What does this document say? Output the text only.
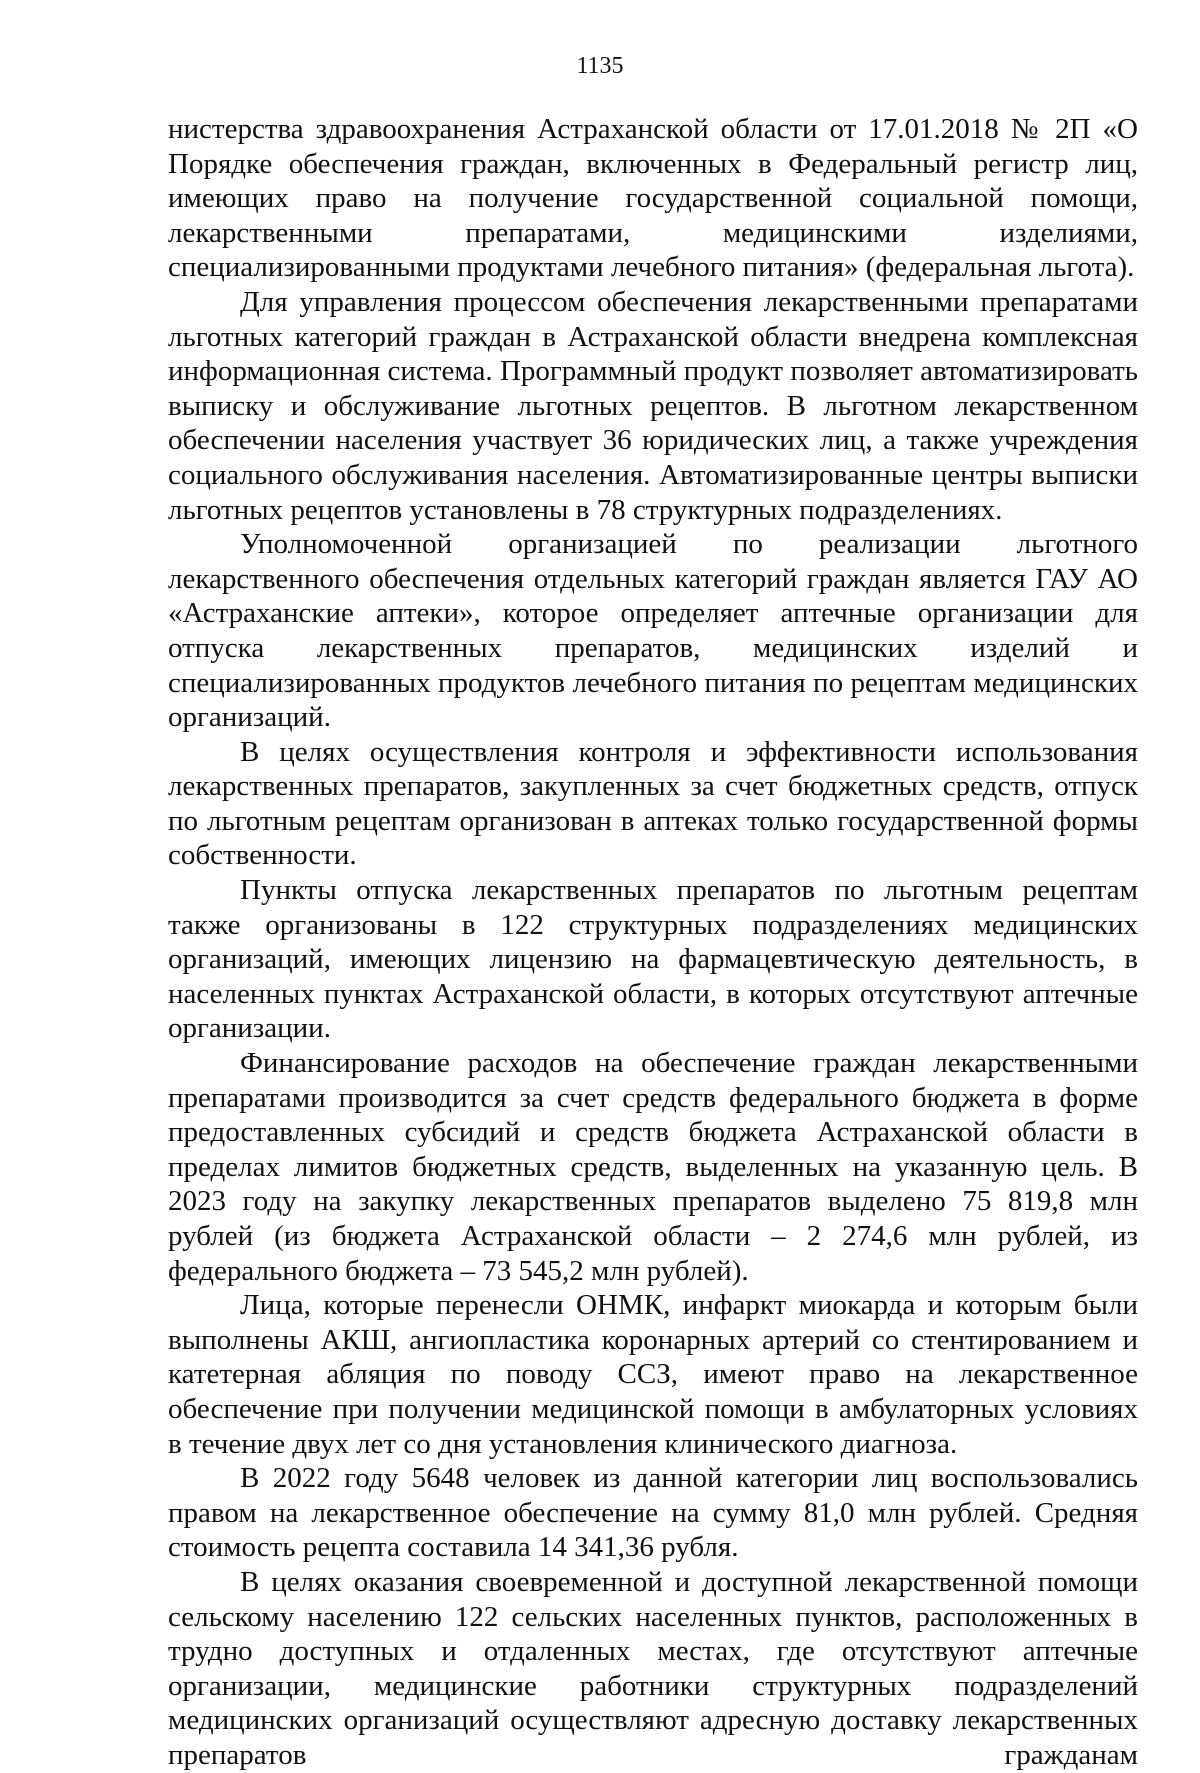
1135

нистерства здравоохранения Астраханской области от 17.01.2018 № 2П «О Порядке обеспечения граждан, включенных в Федеральный регистр лиц, имеющих право на получение государственной социальной помощи, лекарственными препаратами, медицинскими изделиями, специализированными продуктами лечебного питания» (федеральная льгота).

Для управления процессом обеспечения лекарственными препаратами льготных категорий граждан в Астраханской области внедрена комплексная информационная система. Программный продукт позволяет автоматизировать выписку и обслуживание льготных рецептов. В льготном лекарственном обеспечении населения участвует 36 юридических лиц, а также учреждения социального обслуживания населения. Автоматизированные центры выписки льготных рецептов установлены в 78 структурных подразделениях.

Уполномоченной организацией по реализации льготного лекарственного обеспечения отдельных категорий граждан является ГАУ АО «Астраханские аптеки», которое определяет аптечные организации для отпуска лекарственных препаратов, медицинских изделий и специализированных продуктов лечебного питания по рецептам медицинских организаций.

В целях осуществления контроля и эффективности использования лекарственных препаратов, закупленных за счет бюджетных средств, отпуск по льготным рецептам организован в аптеках только государственной формы собственности.

Пункты отпуска лекарственных препаратов по льготным рецептам также организованы в 122 структурных подразделениях медицинских организаций, имеющих лицензию на фармацевтическую деятельность, в населенных пунктах Астраханской области, в которых отсутствуют аптечные организации.

Финансирование расходов на обеспечение граждан лекарственными препаратами производится за счет средств федерального бюджета в форме предоставленных субсидий и средств бюджета Астраханской области в пределах лимитов бюджетных средств, выделенных на указанную цель. В 2023 году на закупку лекарственных препаратов выделено 75 819,8 млн рублей (из бюджета Астраханской области – 2 274,6 млн рублей, из федерального бюджета – 73 545,2 млн рублей).

Лица, которые перенесли ОНМК, инфаркт миокарда и которым были выполнены АКШ, ангиопластика коронарных артерий со стентированием и катетерная абляция по поводу ССЗ, имеют право на лекарственное обеспечение при получении медицинской помощи в амбулаторных условиях в течение двух лет со дня установления клинического диагноза.

В 2022 году 5648 человек из данной категории лиц воспользовались правом на лекарственное обеспечение на сумму 81,0 млн рублей. Средняя стоимость рецепта составила 14 341,36 рубля.

В целях оказания своевременной и доступной лекарственной помощи сельскому населению 122 сельских населенных пунктов, расположенных в трудно доступных и отдаленных местах, где отсутствуют аптечные организации, медицинские работники структурных подразделений медицинских организаций осуществляют адресную доставку лекарственных препаратов гражданам
